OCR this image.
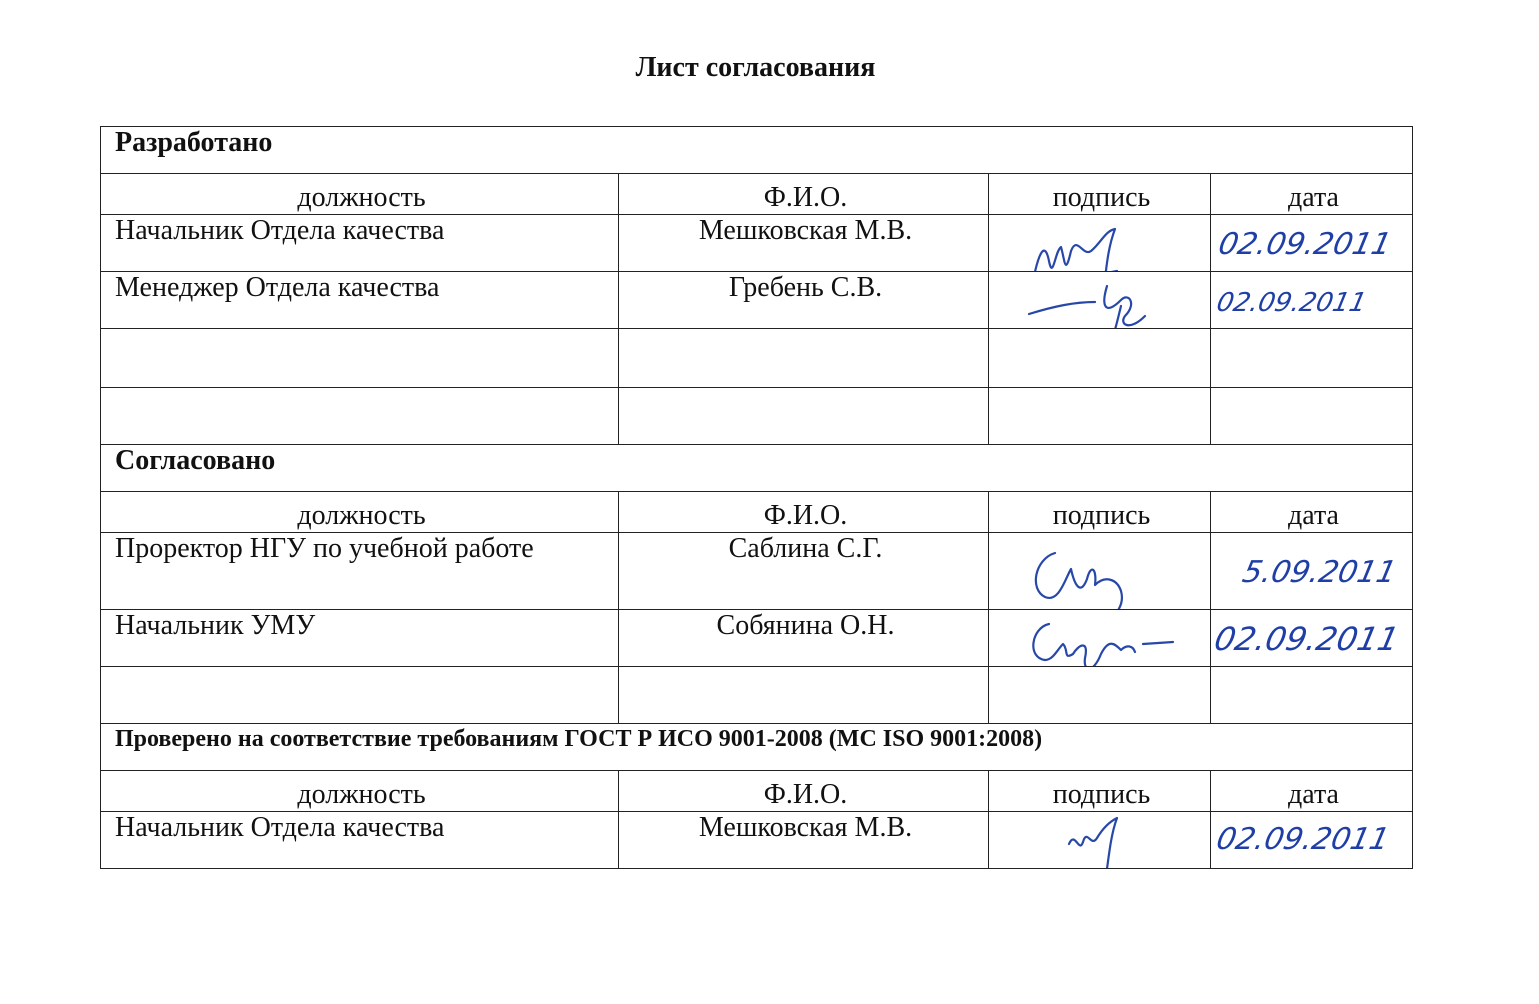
Лист согласования
Разработано			
должность	Ф.И.О.	подпись	дата
Начальник Отдела качества	Мешковская М.В.		02.09.2011

Менеджер Отдела качества	Гребень С.В.		02.09.2011

Согласовано			
должность	Ф.И.О.	подпись	дата
Проректор НГУ по учебной работе	Саблина С.Г.		5.09.2011

Начальник УМУ	Собянина О.Н.		02.09.2011

Проверено на соответствие требованиям ГОСТ Р ИСО 9001-2008 (МС ISO 9001:2008)			
должность	Ф.И.О.	подпись	дата
Начальник Отдела качества	Мешковская М.В.		02.09.2011
